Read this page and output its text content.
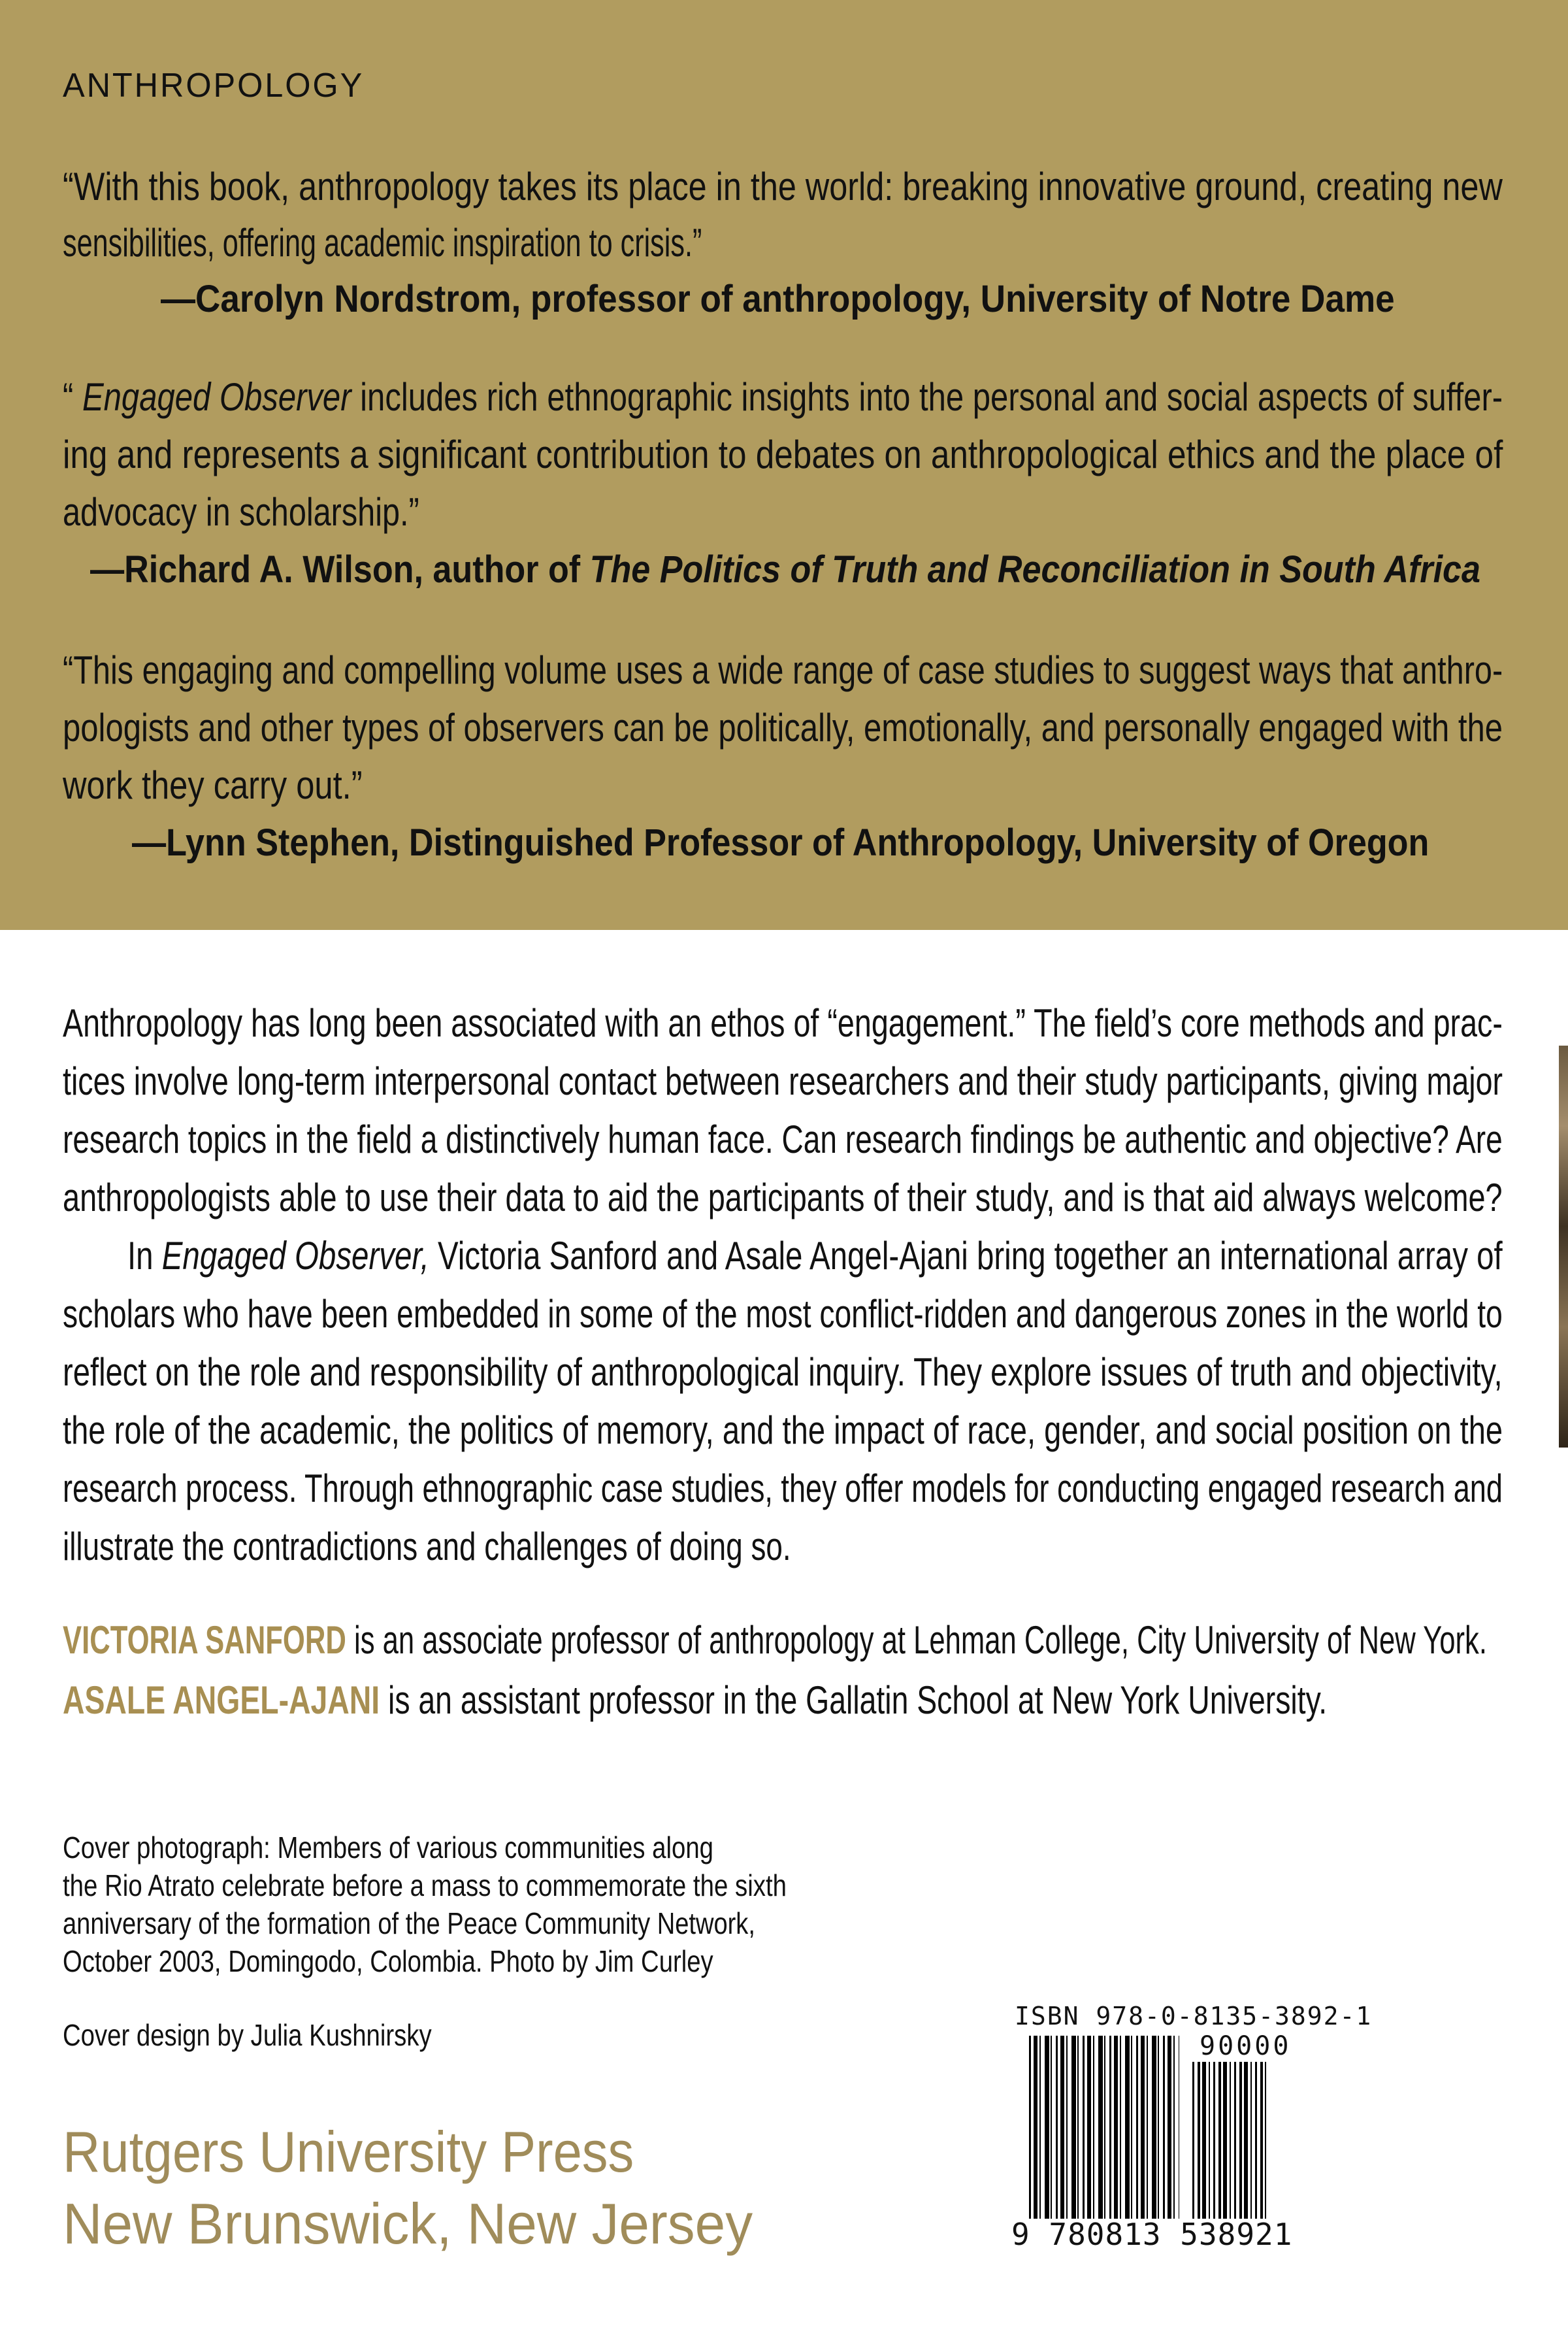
ANTHROPOLOGY
“With this book, anthropology takes its place in the world: breaking innovative ground, creating new
sensibilities, offering academic inspiration to crisis.”
—Carolyn Nordstrom, professor of anthropology, University of Notre Dame
“ Engaged Observer includes rich ethnographic insights into the personal and social aspects of suffer-
ing and represents a significant contribution to debates on anthropological ethics and the place of
advocacy in scholarship.”
—Richard A. Wilson, author of The Politics of Truth and Reconciliation in South Africa
“This engaging and compelling volume uses a wide range of case studies to suggest ways that anthro-
pologists and other types of observers can be politically, emotionally, and personally engaged with the
work they carry out.”
—Lynn Stephen, Distinguished Professor of Anthropology, University of Oregon
Anthropology has long been associated with an ethos of “engagement.” The field’s core methods and prac-
tices involve long-term interpersonal contact between researchers and their study participants, giving major
research topics in the field a distinctively human face. Can research findings be authentic and objective? Are
anthropologists able to use their data to aid the participants of their study, and is that aid always welcome?
In Engaged Observer, Victoria Sanford and Asale Angel-Ajani bring together an international array of
scholars who have been embedded in some of the most conflict-ridden and dangerous zones in the world to
reflect on the role and responsibility of anthropological inquiry. They explore issues of truth and objectivity,
the role of the academic, the politics of memory, and the impact of race, gender, and social position on the
research process. Through ethnographic case studies, they offer models for conducting engaged research and
illustrate the contradictions and challenges of doing so.
VICTORIA SANFORD is an associate professor of anthropology at Lehman College, City University of New York.
ASALE ANGEL-AJANI is an assistant professor in the Gallatin School at New York University.
Cover photograph: Members of various communities along
the Rio Atrato celebrate before a mass to commemorate the sixth
anniversary of the formation of the Peace Community Network,
October 2003, Domingodo, Colombia. Photo by Jim Curley
Cover design by Julia Kushnirsky
Rutgers University Press
New Brunswick, New Jersey
ISBN 978-0-8135-3892-1
90000
9 780813 538921
